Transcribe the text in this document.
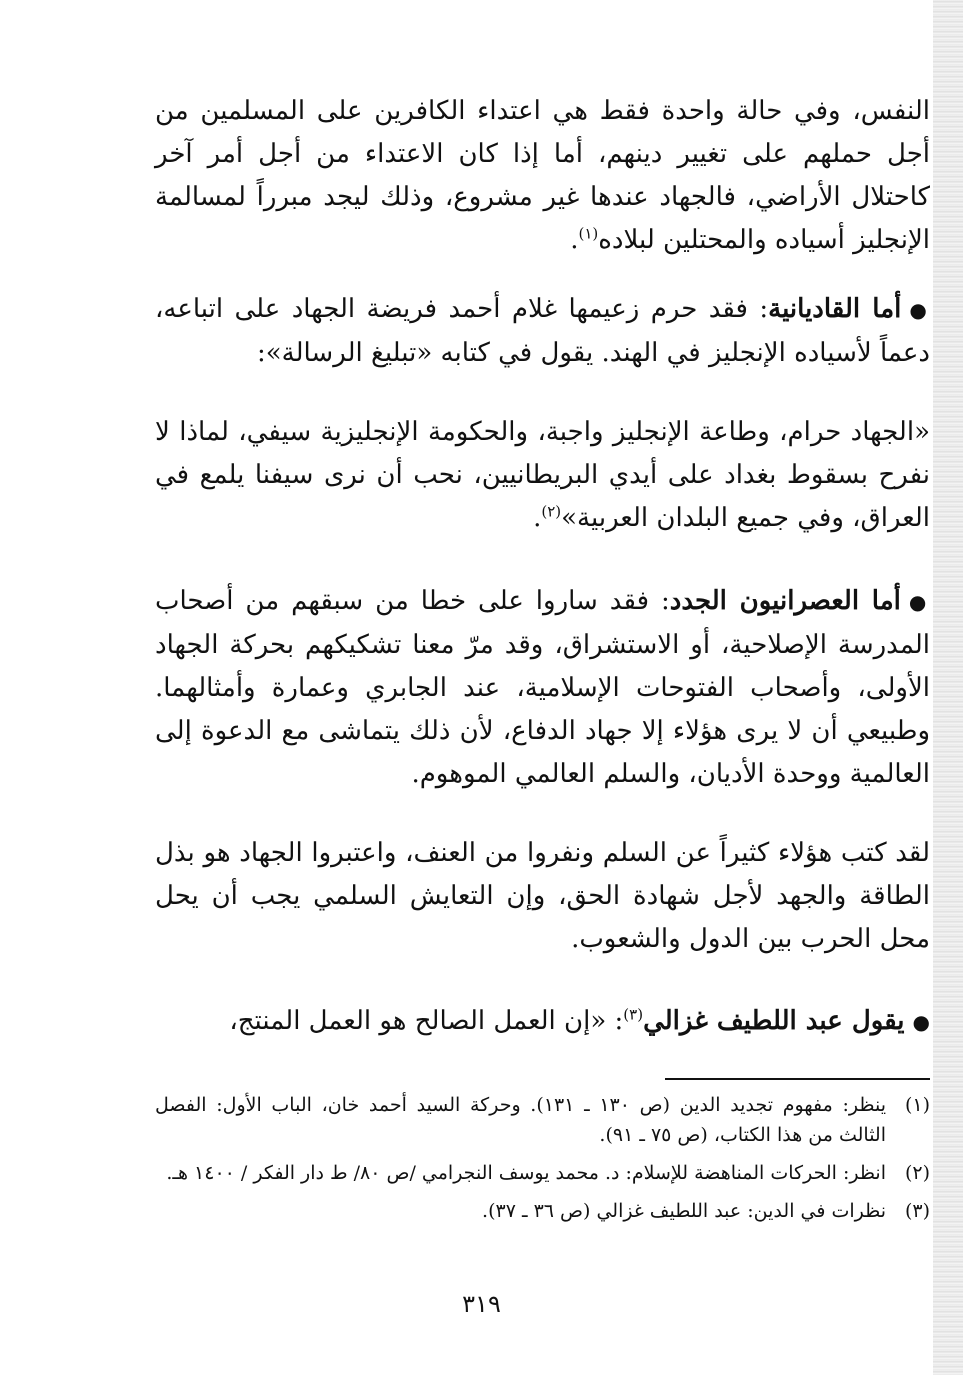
النفس، وفي حالة واحدة فقط هي اعتداء الكافرين على المسلمين من أجل حملهم على تغيير دينهم، أما إذا كان الاعتداء من أجل أمر آخر كاحتلال الأراضي، فالجهاد عندها غير مشروع، وذلك ليجد مبرراً لمسالمة الإنجليز أسياده والمحتلين لبلاده$^{(١)}$.

●أما القاديانية: فقد حرم زعيمها غلام أحمد فريضة الجهاد على اتباعه، دعماً لأسياده الإنجليز في الهند. يقول في كتابه «تبليغ الرسالة»:

«الجهاد حرام، وطاعة الإنجليز واجبة، والحكومة الإنجليزية سيفي، لماذا لا نفرح بسقوط بغداد على أيدي البريطانيين، نحب أن نرى سيفنا يلمع في العراق، وفي جميع البلدان العربية»$^{(٢)}$.

●أما العصرانيون الجدد: فقد ساروا على خطا من سبقهم من أصحاب المدرسة الإصلاحية، أو الاستشراق، وقد مرّ معنا تشكيكهم بحركة الجهاد الأولى، وأصحاب الفتوحات الإسلامية، عند الجابري وعمارة وأمثالهما. وطبيعي أن لا يرى هؤلاء إلا جهاد الدفاع، لأن ذلك يتماشى مع الدعوة إلى العالمية ووحدة الأديان، والسلم العالمي الموهوم.

لقد كتب هؤلاء كثيراً عن السلم ونفروا من العنف، واعتبروا الجهاد هو بذل الطاقة والجهد لأجل شهادة الحق، وإن التعايش السلمي يجب أن يحل محل الحرب بين الدول والشعوب.

●يقول عبد اللطيف غزالي$^{(٣)}$: «إن العمل الصالح هو العمل المنتج،

(١)
ينظر: مفهوم تجديد الدين (ص ١٣٠ ـ ١٣١). وحركة السيد أحمد خان، الباب الأول: الفصل الثالث من هذا الكتاب، (ص ٧٥ ـ ٩١).
(٢)
انظر: الحركات المناهضة للإسلام: د. محمد يوسف النجرامي /ص ٨٠/ ط دار الفكر / ١٤٠٠ هـ.
(٣)
نظرات في الدين: عبد اللطيف غزالي (ص ٣٦ ـ ٣٧).
٣١٩
